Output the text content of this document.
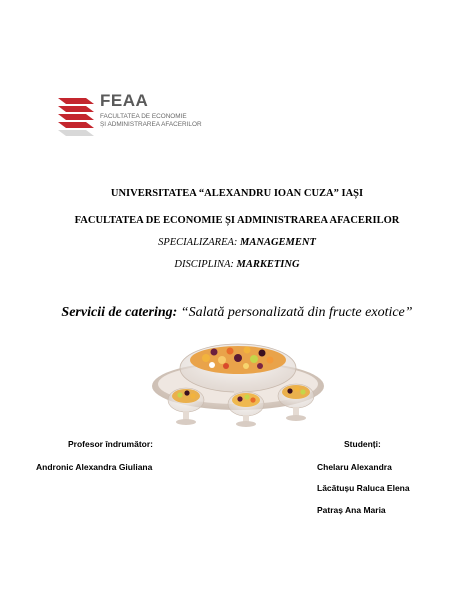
FEAA
FACULTATEA DE ECONOMIE
ȘI ADMINISTRAREA AFACERILOR
UNIVERSITATEA “ALEXANDRU IOAN CUZA” IAȘI
FACULTATEA DE ECONOMIE ȘI ADMINISTRAREA AFACERILOR
SPECIALIZAREA: MANAGEMENT
DISCIPLINA: MARKETING
Servicii de catering: “Salată personalizată din fructe exotice”
Profesor îndrumător:
Andronic Alexandra Giuliana
Studenți:
Chelaru Alexandra
Lăcătușu Raluca Elena
Patraș Ana Maria
